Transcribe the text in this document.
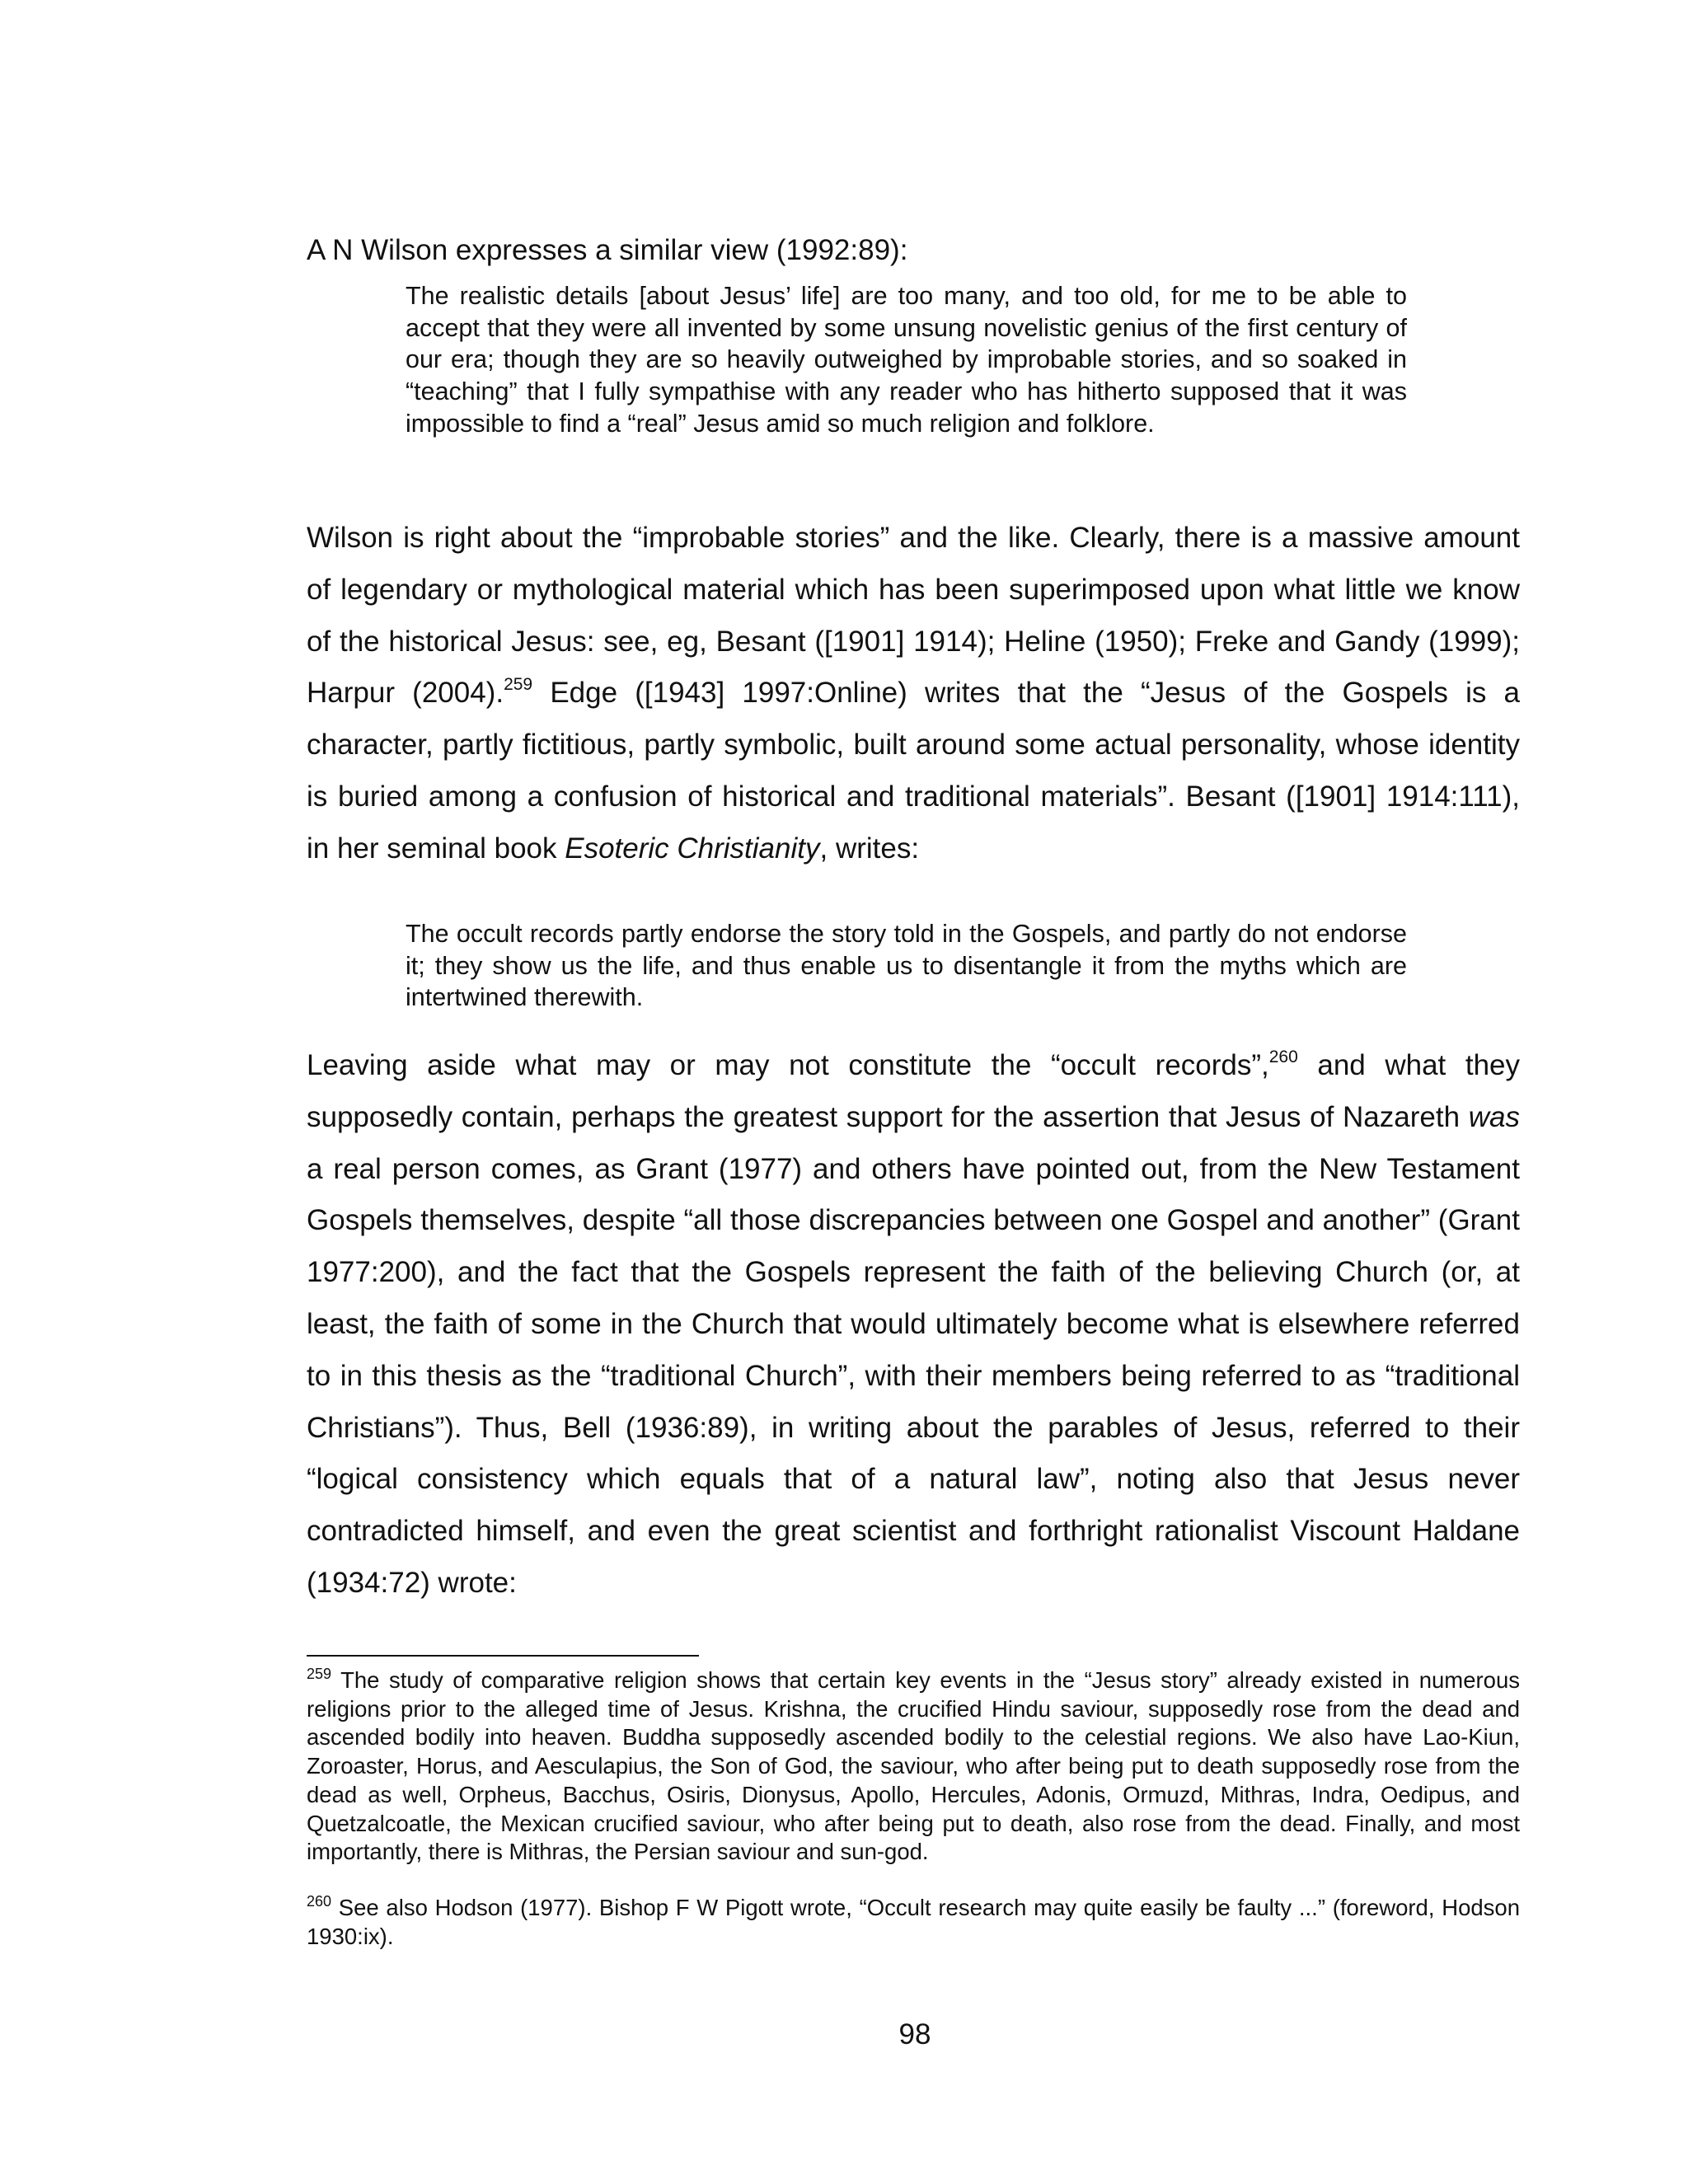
A N Wilson expresses a similar view (1992:89):
The realistic details [about Jesus’ life] are too many, and too old, for me to be able to accept that they were all invented by some unsung novelistic genius of the first century of our era; though they are so heavily outweighed by improbable stories, and so soaked in “teaching” that I fully sympathise with any reader who has hitherto supposed that it was impossible to find a “real” Jesus amid so much religion and folklore.
Wilson is right about the “improbable stories” and the like. Clearly, there is a massive amount of legendary or mythological material which has been superimposed upon what little we know of the historical Jesus: see, eg, Besant ([1901] 1914); Heline (1950); Freke and Gandy (1999); Harpur (2004).$^{259}$ Edge ([1943] 1997:Online) writes that the “Jesus of the Gospels is a character, partly fictitious, partly symbolic, built around some actual personality, whose identity is buried among a confusion of historical and traditional materials”. Besant ([1901] 1914:111), in her seminal book Esoteric Christianity, writes:
The occult records partly endorse the story told in the Gospels, and partly do not endorse it; they show us the life, and thus enable us to disentangle it from the myths which are intertwined therewith.
Leaving aside what may or may not constitute the “occult records”,$^{260}$ and what they supposedly contain, perhaps the greatest support for the assertion that Jesus of Nazareth was a real person comes, as Grant (1977) and others have pointed out, from the New Testament Gospels themselves, despite “all those discrepancies between one Gospel and another” (Grant 1977:200), and the fact that the Gospels represent the faith of the believing Church (or, at least, the faith of some in the Church that would ultimately become what is elsewhere referred to in this thesis as the “traditional Church”, with their members being referred to as “traditional Christians”). Thus, Bell (1936:89), in writing about the parables of Jesus, referred to their “logical consistency which equals that of a natural law”, noting also that Jesus never contradicted himself, and even the great scientist and forthright rationalist Viscount Haldane (1934:72) wrote:
$^{259}$ The study of comparative religion shows that certain key events in the “Jesus story” already existed in numerous religions prior to the alleged time of Jesus. Krishna, the crucified Hindu saviour, supposedly rose from the dead and ascended bodily into heaven. Buddha supposedly ascended bodily to the celestial regions. We also have Lao-Kiun, Zoroaster, Horus, and Aesculapius, the Son of God, the saviour, who after being put to death supposedly rose from the dead as well, Orpheus, Bacchus, Osiris, Dionysus, Apollo, Hercules, Adonis, Ormuzd, Mithras, Indra, Oedipus, and Quetzalcoatle, the Mexican crucified saviour, who after being put to death, also rose from the dead. Finally, and most importantly, there is Mithras, the Persian saviour and sun-god.
$^{260}$ See also Hodson (1977). Bishop F W Pigott wrote, “Occult research may quite easily be faulty ...” (foreword, Hodson 1930:ix).
98
